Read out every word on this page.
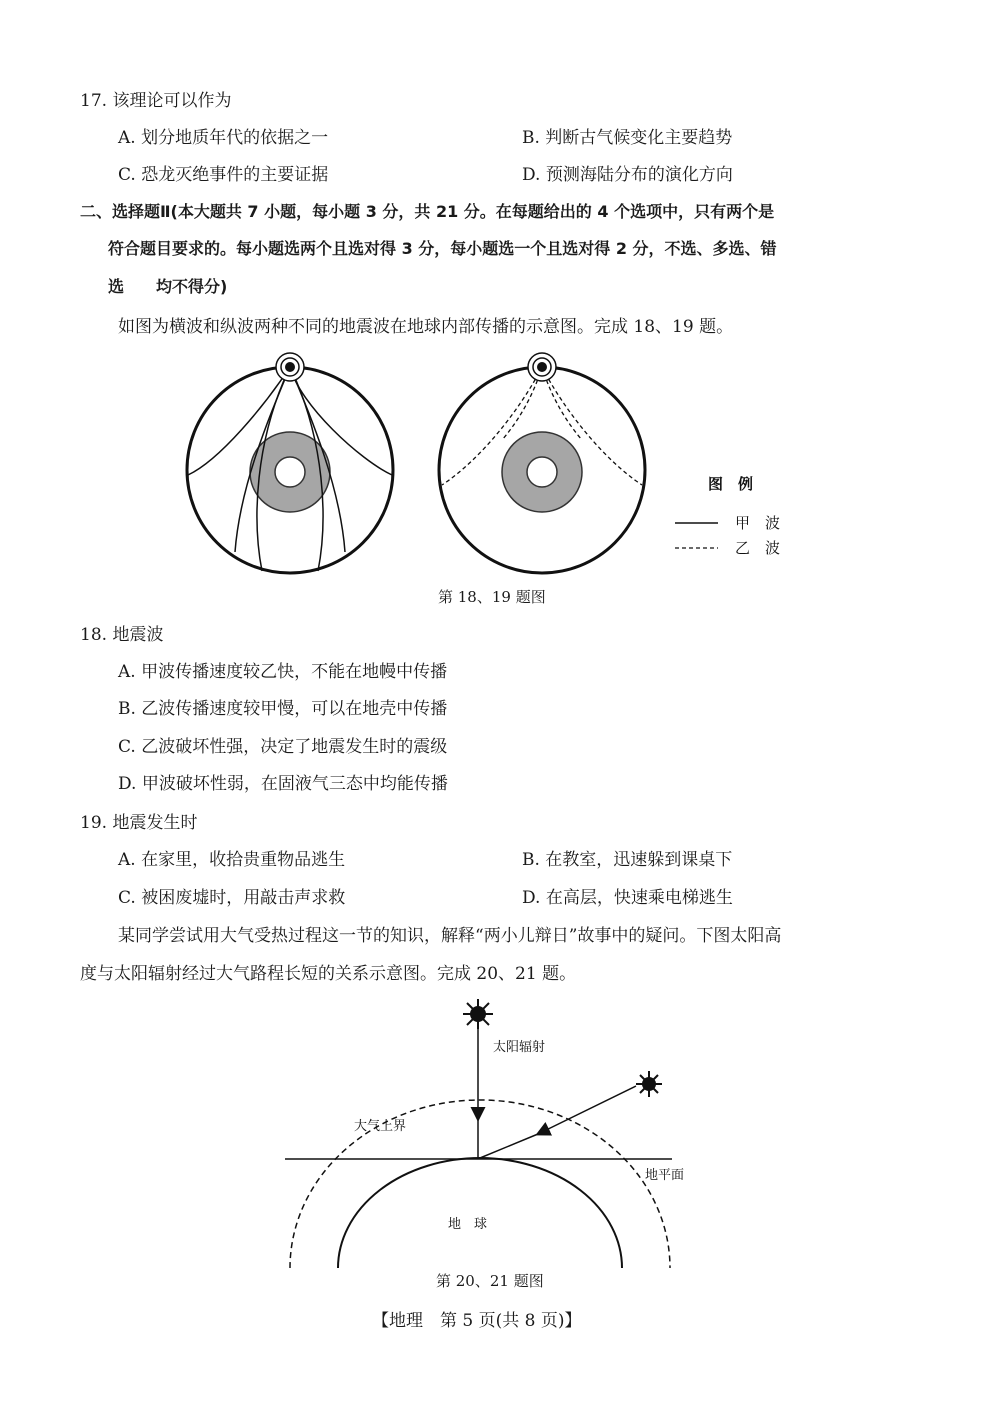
17. 该理论可以作为
A. 划分地质年代的依据之一	B. 判断古气候变化主要趋势
C. 恐龙灭绝事件的主要证据	D. 预测海陆分布的演化方向
二、选择题Ⅱ(本大题共 7 小题，每小题 3 分，共 21 分。在每题给出的 4 个选项中，只有两个是
符合题目要求的。每小题选两个且选对得 3 分，每小题选一个且选对得 2 分，不选、多选、错
选　　均不得分)
如图为横波和纵波两种不同的地震波在地球内部传播的示意图。完成 18、19 题。
图　例
甲　波
乙　波
第 18、19 题图
18. 地震波
A. 甲波传播速度较乙快，不能在地幔中传播
B. 乙波传播速度较甲慢，可以在地壳中传播
C. 乙波破坏性强，决定了地震发生时的震级
D. 甲波破坏性弱，在固液气三态中均能传播
19. 地震发生时
A. 在家里，收拾贵重物品逃生	B. 在教室，迅速躲到课桌下
C. 被困废墟时，用敲击声求救	D. 在高层，快速乘电梯逃生
某同学尝试用大气受热过程这一节的知识，解释“两小儿辩日”故事中的疑问。下图太阳高
度与太阳辐射经过大气路程长短的关系示意图。完成 20、21 题。
太阳辐射
大气上界
地平面
地　球
第 20、21 题图
【地理　第 5 页(共 8 页)】
